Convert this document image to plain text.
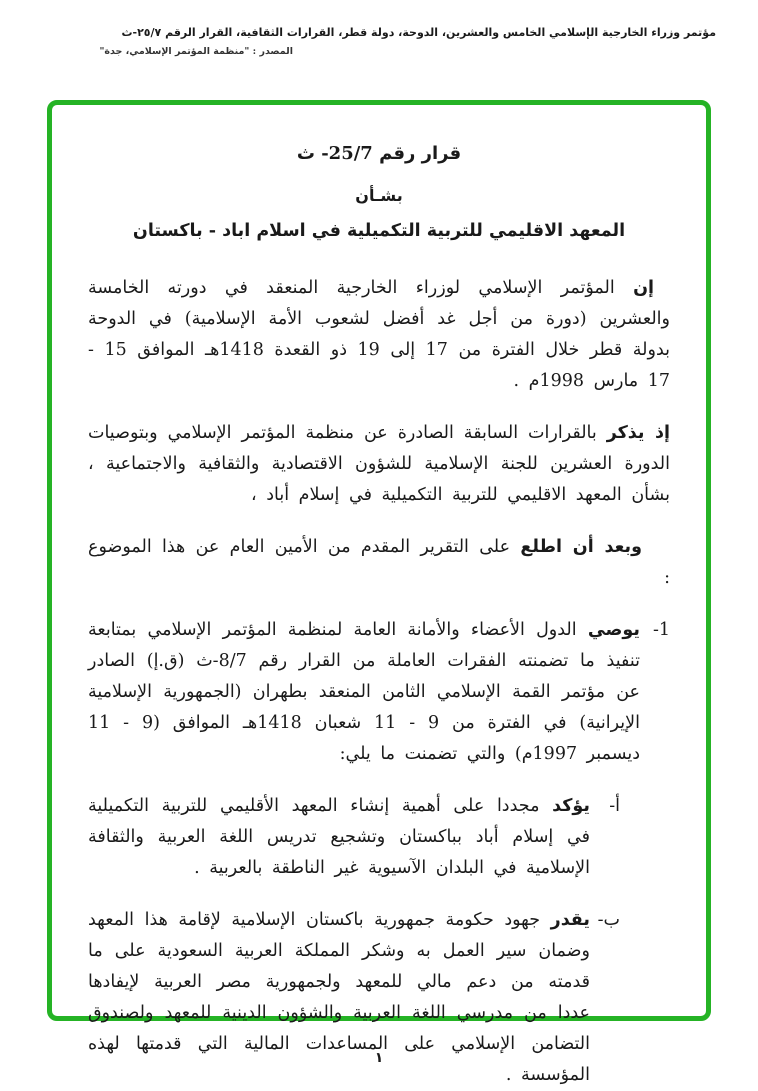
مؤتمر وزراء الخارجية الإسلامي الخامس والعشرين، الدوحة، دولة قطر، القرارات الثقافية، القرار الرقم ٢٥/٧-ث
المصدر : "منظمة المؤتمر الإسلامي، جدة"
قرار رقم 25/7- ث
بشـأن
المعهد الاقليمي للتربية التكميلية في اسلام اباد - باكستان

إن المؤتمر الإسلامي لوزراء الخارجية المنعقد في دورته الخامسة والعشرين (دورة من أجل غد أفضل لشعوب الأمة الإسلامية) في الدوحة بدولة قطر خلال الفترة من 17 إلى 19 ذو القعدة 1418هـ الموافق 15 - 17 مارس 1998م .

إذ يذكر بالقرارات السابقة الصادرة عن منظمة المؤتمر الإسلامي وبتوصيات الدورة العشرين للجنة الإسلامية للشؤون الاقتصادية والثقافية والاجتماعية ، بشأن المعهد الاقليمي للتربية التكميلية في إسلام أباد ،

وبعد أن اطلع على التقرير المقدم من الأمين العام عن هذا الموضوع :

1-

يوصي الدول الأعضاء والأمانة العامة لمنظمة المؤتمر الإسلامي بمتابعة تنفيذ ما تضمنته الفقرات العاملة من القرار رقم 8/7-ث (ق.إ) الصادر عن مؤتمر القمة الإسلامي الثامن المنعقد بطهران (الجمهورية الإسلامية الإيرانية) في الفترة من 9 - 11 شعبان 1418هـ الموافق (9 - 11 ديسمبر 1997م) والتي تضمنت ما يلي:

أ-

يؤكد مجددا على أهمية إنشاء المعهد الأقليمي للتربية التكميلية في إسلام أباد بباكستان وتشجيع تدريس اللغة العربية والثقافة الإسلامية في البلدان الآسيوية غير الناطقة بالعربية .

ب-

يقدر جهود حكومة جمهورية باكستان الإسلامية لإقامة هذا المعهد وضمان سير العمل به وشكر المملكة العربية السعودية على ما قدمته من دعم مالي للمعهد ولجمهورية مصر العربية لإيفادها عددا من مدرسي اللغة العربية والشؤون الدينية للمعهد ولصندوق التضامن الإسلامي على المساعدات المالية التي قدمتها لهذه المؤسسة .

١
